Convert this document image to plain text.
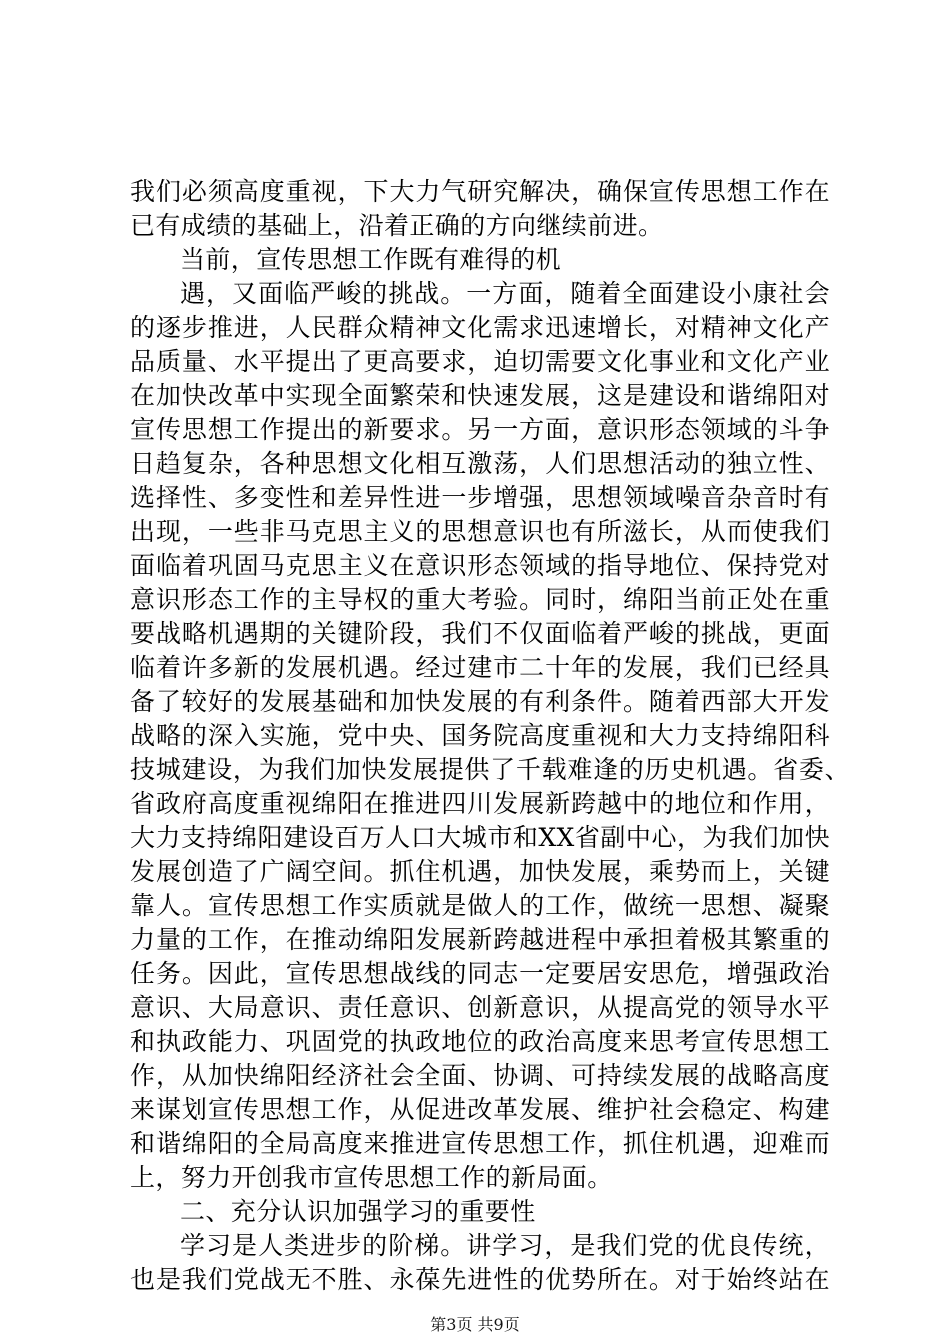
我们必须高度重视，下大力气研究解决，确保宣传思想工作在
已有成绩的基础上，沿着正确的方向继续前进。
当前，宣传思想工作既有难得的机
遇，又面临严峻的挑战。一方面，随着全面建设小康社会
的逐步推进，人民群众精神文化需求迅速增长，对精神文化产
品质量、水平提出了更高要求，迫切需要文化事业和文化产业
在加快改革中实现全面繁荣和快速发展，这是建设和谐绵阳对
宣传思想工作提出的新要求。另一方面，意识形态领域的斗争
日趋复杂，各种思想文化相互激荡，人们思想活动的独立性、
选择性、多变性和差异性进一步增强，思想领域噪音杂音时有
出现，一些非马克思主义的思想意识也有所滋长，从而使我们
面临着巩固马克思主义在意识形态领域的指导地位、保持党对
意识形态工作的主导权的重大考验。同时，绵阳当前正处在重
要战略机遇期的关键阶段，我们不仅面临着严峻的挑战，更面
临着许多新的发展机遇。经过建市二十年的发展，我们已经具
备了较好的发展基础和加快发展的有利条件。随着西部大开发
战略的深入实施，党中央、国务院高度重视和大力支持绵阳科
技城建设，为我们加快发展提供了千载难逢的历史机遇。省委、
省政府高度重视绵阳在推进四川发展新跨越中的地位和作用，
大力支持绵阳建设百万人口大城市和XX省副中心，为我们加快
发展创造了广阔空间。抓住机遇，加快发展，乘势而上，关键
靠人。宣传思想工作实质就是做人的工作，做统一思想、凝聚
力量的工作，在推动绵阳发展新跨越进程中承担着极其繁重的
任务。因此，宣传思想战线的同志一定要居安思危，增强政治
意识、大局意识、责任意识、创新意识，从提高党的领导水平
和执政能力、巩固党的执政地位的政治高度来思考宣传思想工
作，从加快绵阳经济社会全面、协调、可持续发展的战略高度
来谋划宣传思想工作，从促进改革发展、维护社会稳定、构建
和谐绵阳的全局高度来推进宣传思想工作，抓住机遇，迎难而
上，努力开创我市宣传思想工作的新局面。
二、充分认识加强学习的重要性
学习是人类进步的阶梯。讲学习，是我们党的优良传统，
也是我们党战无不胜、永葆先进性的优势所在。对于始终站在
第3页 共9页
